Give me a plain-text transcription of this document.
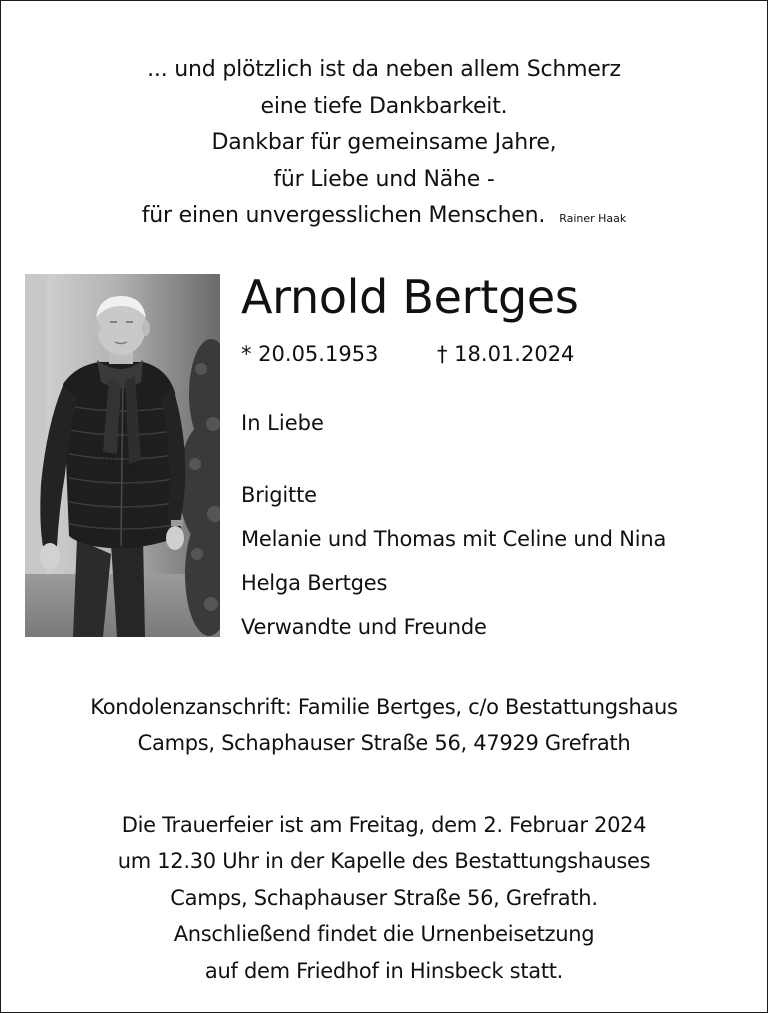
... und plötzlich ist da neben allem Schmerz
eine tiefe Dankbarkeit.
Dankbar für gemeinsame Jahre,
für Liebe und Nähe -
für einen unvergesslichen Menschen. Rainer Haak
Arnold Bertges
* 20.05.1953	† 18.01.2024
In Liebe
Brigitte
Melanie und Thomas mit Celine und Nina
Helga Bertges
Verwandte und Freunde
Kondolenzanschrift: Familie Bertges, c/o Bestattungshaus
Camps, Schaphauser Straße 56, 47929 Grefrath
Die Trauerfeier ist am Freitag, dem 2. Februar 2024
um 12.30 Uhr in der Kapelle des Bestattungshauses
Camps, Schaphauser Straße 56, Grefrath.
Anschließend findet die Urnenbeisetzung
auf dem Friedhof in Hinsbeck statt.
